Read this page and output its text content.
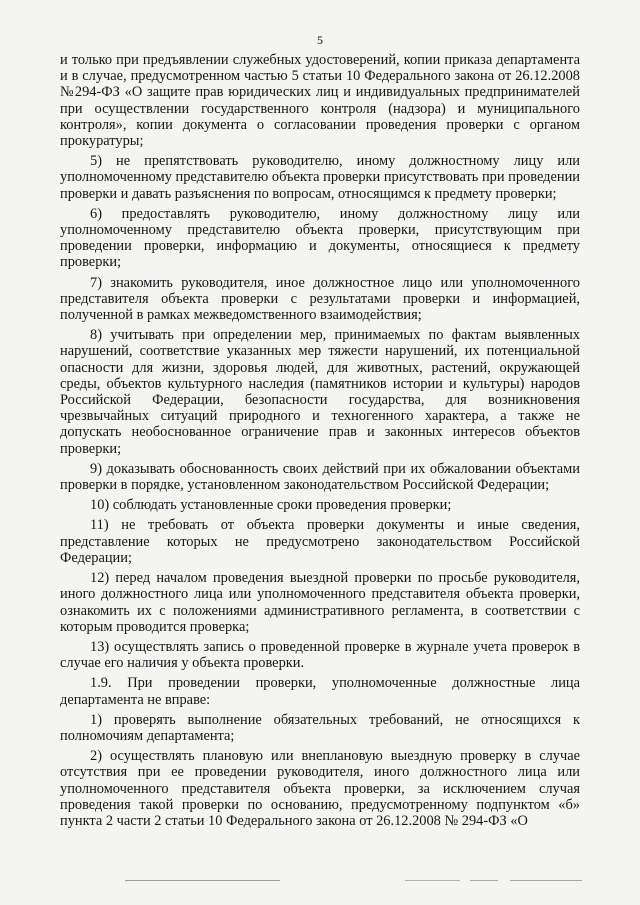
5

и только при предъявлении служебных удостоверений, копии приказа департамента и в случае, предусмотренном частью 5 статьи 10 Федерального закона от 26.12.2008 №294-ФЗ «О защите прав юридических лиц и индивидуальных предпринимателей при осуществлении государственного контроля (надзора) и муниципального контроля», копии документа о согласовании проведения проверки с органом прокуратуры;

5) не препятствовать руководителю, иному должностному лицу или уполномоченному представителю объекта проверки присутствовать при проведении проверки и давать разъяснения по вопросам, относящимся к предмету проверки;

6) предоставлять руководителю, иному должностному лицу или уполномоченному представителю объекта проверки, присутствующим при проведении проверки, информацию и документы, относящиеся к предмету проверки;

7) знакомить руководителя, иное должностное лицо или уполномоченного представителя объекта проверки с результатами проверки и информацией, полученной в рамках межведомственного взаимодействия;

8) учитывать при определении мер, принимаемых по фактам выявленных нарушений, соответствие указанных мер тяжести нарушений, их потенциальной опасности для жизни, здоровья людей, для животных, растений, окружающей среды, объектов культурного наследия (памятников истории и культуры) народов Российской Федерации, безопасности государства, для возникновения чрезвычайных ситуаций природного и техногенного характера, а также не допускать необоснованное ограничение прав и законных интересов объектов проверки;

9) доказывать обоснованность своих действий при их обжаловании объектами проверки в порядке, установленном законодательством Российской Федерации;

10) соблюдать установленные сроки проведения проверки;

11) не требовать от объекта проверки документы и иные сведения, представление которых не предусмотрено законодательством Российской Федерации;

12) перед началом проведения выездной проверки по просьбе руководителя, иного должностного лица или уполномоченного представителя объекта проверки, ознакомить их с положениями административного регламента, в соответствии с которым проводится проверка;

13) осуществлять запись о проведенной проверке в журнале учета проверок в случае его наличия у объекта проверки.

1.9. При проведении проверки, уполномоченные должностные лица департамента не вправе:

1) проверять выполнение обязательных требований, не относящихся к полномочиям департамента;

2) осуществлять плановую или внеплановую выездную проверку в случае отсутствия при ее проведении руководителя, иного должностного лица или уполномоченного представителя объекта проверки, за исключением случая проведения такой проверки по основанию, предусмотренному подпунктом «б» пункта 2 части 2 статьи 10 Федерального закона от 26.12.2008 № 294-ФЗ «О
